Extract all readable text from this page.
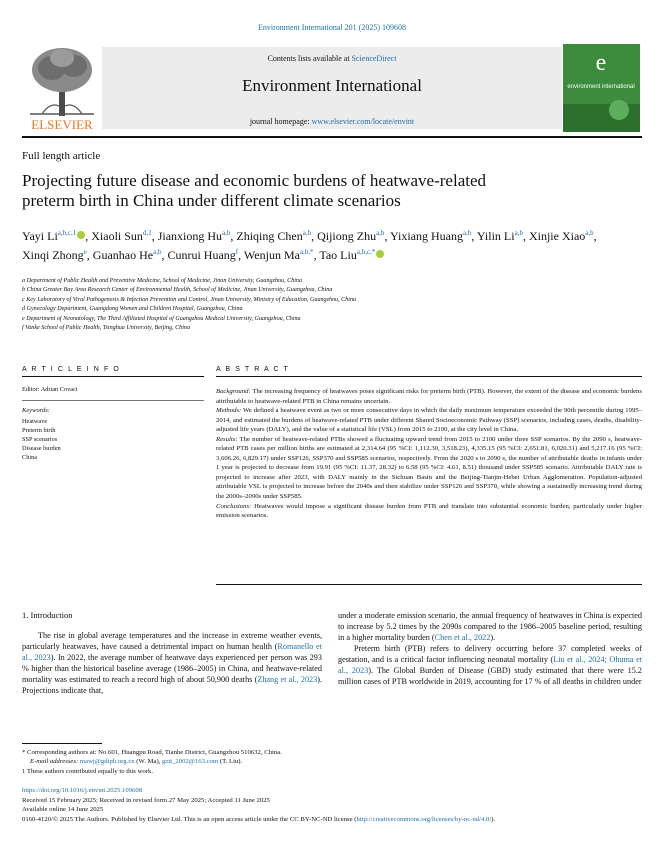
Environment International 201 (2025) 109608
ELSEVIER
Contents lists available at ScienceDirect
Environment International
journal homepage: www.elsevier.com/locate/envint
e
environment international
Full length article
Projecting future disease and economic burdens of heatwave-related
preterm birth in China under different climate scenarios
Yayi Li$^{a,b,c,1}$ , Xiaoli Sun$^{d,1}$, Jianxiong Hu$^{a,b}$, Zhiqing Chen$^{a,b}$, Qijiong Zhu$^{a,b}$, Yixiang Huang$^{a,b}$, Yilin Li$^{a,b}$, Xinjie Xiao$^{a,b}$, Xinqi Zhong$^e$, Guanhao He$^{a,b}$, Cunrui Huang$^f$, Wenjun $Ma^{a,b,*}$, Tao Liu$^{a,b,c,*}$
a Department of Public Health and Preventive Medicine, School of Medicine, Jinan University, Guangzhou, China
b China Greater Bay Area Research Center of Environmental Health, School of Medicine, Jinan University, Guangzhou, China
c Key Laboratory of Viral Pathogenesis & Infection Prevention and Control, Jinan University, Ministry of Education, Guangzhou, China
d Gynecology Department, Guangdong Women and Children Hospital, Guangzhou, China
e Department of Neonatology, The Third Affiliated Hospital of Guangzhou Medical University, Guangzhou, China
f Vanke School of Public Health, Tsinghua University, Beijing, China
A R T I C L E I N F O
Editor: Adrian Covaci
Keywords:
Heatwave
Preterm birth
SSP scenarios
Disease burden
China
A B S T R A C T

Background: The increasing frequency of heatwaves poses significant risks for preterm birth (PTB). However, the extent of the disease and economic burdens attributable to heatwave-related PTB in China remains uncertain.

Methods: We defined a heatwave event as two or more consecutive days in which the daily maximum temperature exceeded the 90th percentile during 1995–2014, and estimated the burdens of heatwave-related PTB under different Shared Socioeconomic Pathway (SSP) scenarios, including cases, deaths, disability-adjusted life years (DALY), and the value of a statistical life (VSL) from 2015 to 2100, at the city level in China.

Results: The number of heatwave-related PTBs showed a fluctuating upward trend from 2015 to 2100 under three SSP scenarios. By the 2090 s, heatwave-related PTB cases per million births are estimated at 2,314.64 (95 %CI: 1,112.30, 3,518.23), 4,335.15 (95 %CI: 2,651.81, 6,020.31) and 5,217.16 (95 %CI: 3,606.26, 6,829.17) under SSP126, SSP370 and SSP585 scenarios, respectively. From the 2020 s to 2090 s, the number of attributable deaths in infants under 1 year is projected to decrease from 19.91 (95 %CI: 11.37, 28.32) to 6.58 (95 %CI: 4.61, 8.51) thousand under SSP585 scenario. Attributable DALY rate is projected to increase after 2023, with DALY mainly in the Sichuan Basin and the Beijing-Tianjin-Hebei Urban Agglomeration. Population-adjusted attributable VSL is projected to increase before the 2040s and then stabilize under SSP126 and SSP370, while showing a sustainedly increasing trend during the 2000s–2090s under SSP585.

Conclusions: Heatwaves would impose a significant disease burden from PTB and translate into substantial economic burden, particularly under higher emission scenarios.

1. Introduction

The rise in global average temperatures and the increase in extreme weather events, particularly heatwaves, have caused a detrimental impact on human health (Romanello et al., 2023). In 2022, the average number of heatwave days experienced per person was 293 % higher than the historical baseline average (1986–2005) in China, and heatwave-related mortality was estimated to reach a record high of about 50,900 deaths (Zhang et al., 2023). Projections indicate that,

under a moderate emission scenario, the annual frequency of heatwaves in China is expected to increase by 5.2 times by the 2090s compared to the 1986–2005 baseline period, resulting in a higher mortality burden (Chen et al., 2022).

Preterm birth (PTB) refers to delivery occurring before 37 completed weeks of gestation, and is a critical factor influencing neonatal mortality (Liu et al., 2024; Ohuma et al., 2023). The Global Burden of Disease (GBD) study estimated that there were 15.2 million cases of PTB worldwide in 2019, accounting for 17 % of all deaths in children under

* Corresponding authors at: No.601, Huangpu Road, Tianhe District, Guangzhou 510632, China.
E-mail addresses: mawj@gdiph.org.cn (W. Ma), gztt_2002@163.com (T. Liu).
1 These authors contributed equally to this work.
https://doi.org/10.1016/j.envint.2025.109608
Received 15 February 2025; Received in revised form 27 May 2025; Accepted 11 June 2025
Available online 14 June 2025
0160-4120/© 2025 The Authors. Published by Elsevier Ltd. This is an open access article under the CC BY-NC-ND license (http://creativecommons.org/licenses/by-nc-nd/4.0/).
